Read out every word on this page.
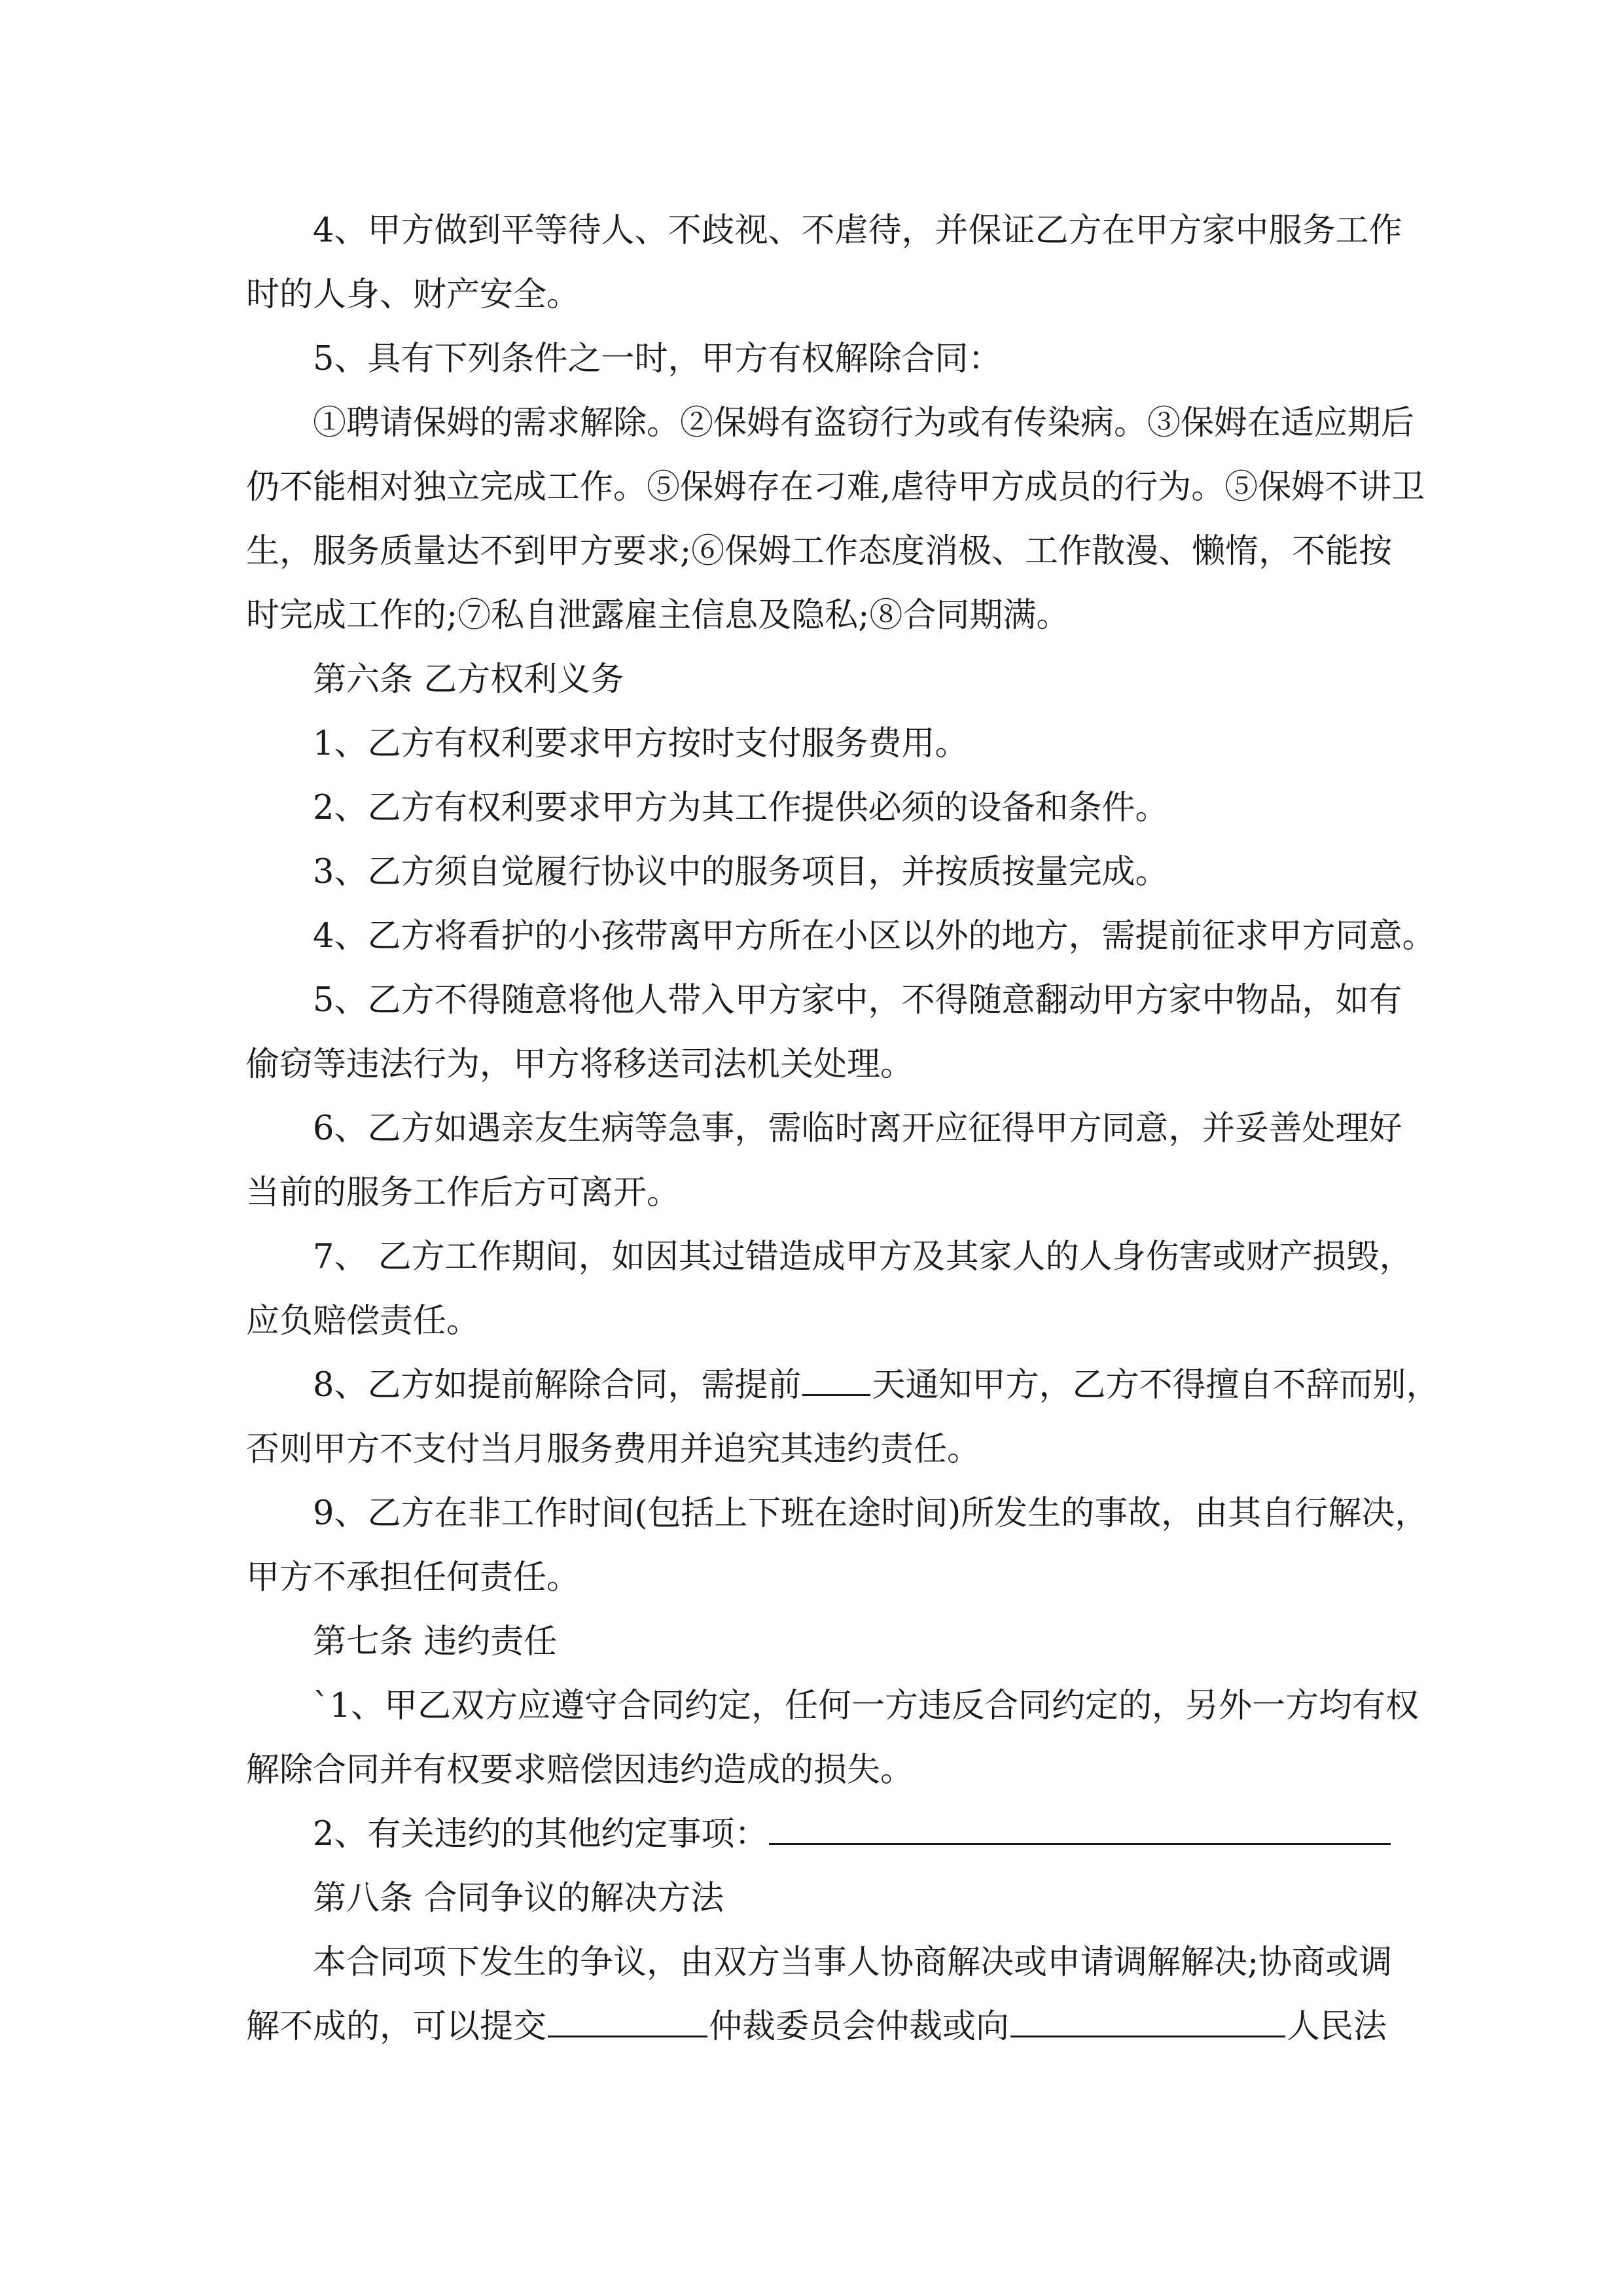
4、甲方做到平等待人、不歧视、不虐待，并保证乙方在甲方家中服务工作
时的人身、财产安全。
5、具有下列条件之一时，甲方有权解除合同：
①聘请保姆的需求解除。②保姆有盗窃行为或有传染病。③保姆在适应期后
仍不能相对独立完成工作。⑤保姆存在刁难,虐待甲方成员的行为。⑤保姆不讲卫
生，服务质量达不到甲方要求;⑥保姆工作态度消极、工作散漫、懒惰，不能按
时完成工作的;⑦私自泄露雇主信息及隐私;⑧合同期满。
第六条 乙方权利义务
1、乙方有权利要求甲方按时支付服务费用。
2、乙方有权利要求甲方为其工作提供必须的设备和条件。
3、乙方须自觉履行协议中的服务项目，并按质按量完成。
4、乙方将看护的小孩带离甲方所在小区以外的地方，需提前征求甲方同意。
5、乙方不得随意将他人带入甲方家中，不得随意翻动甲方家中物品，如有
偷窃等违法行为，甲方将移送司法机关处理。
6、乙方如遇亲友生病等急事，需临时离开应征得甲方同意，并妥善处理好
当前的服务工作后方可离开。
7、 乙方工作期间，如因其过错造成甲方及其家人的人身伤害或财产损毁，
应负赔偿责任。
8、乙方如提前解除合同，需提前 天通知甲方，乙方不得擅自不辞而别，
否则甲方不支付当月服务费用并追究其违约责任。
9、乙方在非工作时间(包括上下班在途时间)所发生的事故，由其自行解决，
甲方不承担任何责任。
第七条 违约责任
`1、甲乙双方应遵守合同约定，任何一方违反合同约定的，另外一方均有权
解除合同并有权要求赔偿因违约造成的损失。
2、有关违约的其他约定事项：
第八条 合同争议的解决方法
本合同项下发生的争议，由双方当事人协商解决或申请调解解决;协商或调
解不成的，可以提交	仲裁委员会仲裁或向	人民法
